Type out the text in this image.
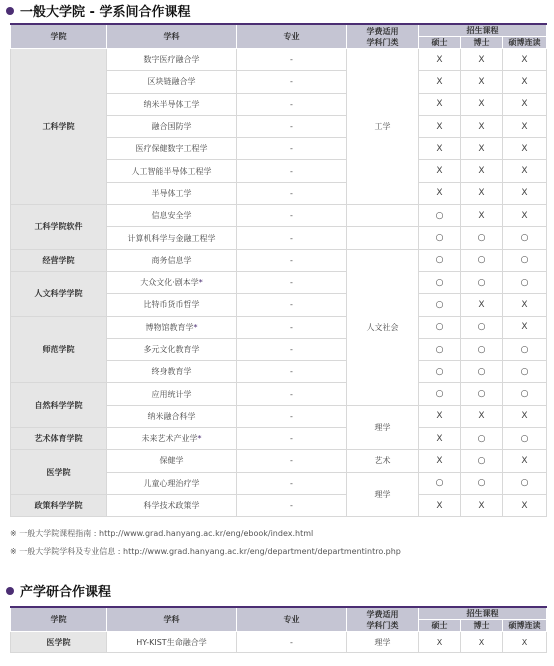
一般大学院 - 学系间合作课程
学院	学科	专业	学费适用
学科门类	招生课程		
				硕士	博士	硕博连读
工科学院	数字医疗融合学	-	工学	X	X	X
	区块链融合学	-		X	X	X
	纳米半导体工学	-		X	X	X
	融合国防学	-		X	X	X
	医疗保健数字工程学	-		X	X	X
	人工智能半导体工程学	-		X	X	X
	半导体工学	-		X	X	X
工科学院软件	信息安全学	-		○	X	X
	计算机科学与金融工程学	-		○	○	○
经营学院	商务信息学	-	人文社会	○	○	○
人文科学学院	大众文化·剧本学*	-		○	○	○
	比特币货币哲学	-		○	X	X
师范学院	博物馆教育学*	-		○	○	X
	多元文化教育学	-		○	○	○
	终身教育学	-		○	○	○
自然科学学院	应用统计学	-		○	○	○
	纳米融合科学	-	理学	X	X	X
艺术体育学院	未来艺术产业学*	-		X	○	○
医学院	保健学	-	艺术	X	○	X
	儿童心理治疗学	-	理学	○	○	○
政策科学学院	科学技术政策学	-		X	X	X
※ 一般大学院课程指南 : http://www.grad.hanyang.ac.kr/eng/ebook/index.html
※ 一般大学院学科及专业信息 : http://www.grad.hanyang.ac.kr/eng/department/departmentintro.php
产学研合作课程
学院	学科	专业	学费适用
学科门类	招生课程		
				硕士	博士	硕博连读
医学院	HY-KIST生命融合学	-	理学	X	X	X
